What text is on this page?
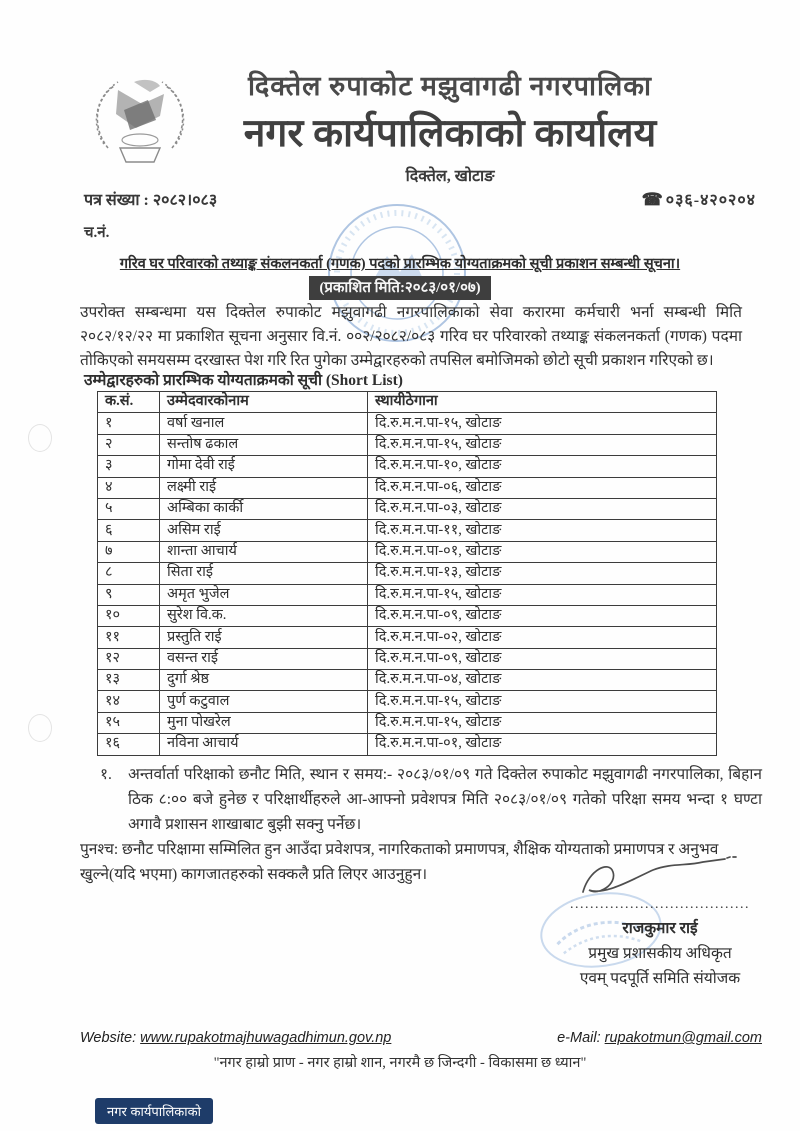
दिक्तेल रुपाकोट मझुवागढी नगरपालिका
नगर कार्यपालिकाको कार्यालय
दिक्तेल, खोटाङ
पत्र संख्या : २०८२।०८३	☎ ०३६-४२०२०४
च.नं.
गरिव घर परिवारको तथ्याङ्क संकलनकर्ता (गणक) पदको प्रारम्भिक योग्यताक्रमको सूची प्रकाशन सम्बन्धी सूचना।
(प्रकाशित मिति:२०८३/०१/०७)

उपरोक्त सम्बन्धमा यस दिक्तेल रुपाकोट मझुवागढी नगरपालिकाको सेवा करारमा कर्मचारी भर्ना सम्बन्धी मिति २०८२/१२/२२ मा प्रकाशित सूचना अनुसार वि.नं. ००२/२०८२/०८३ गरिव घर परिवारको तथ्याङ्क संकलनकर्ता (गणक) पदमा तोकिएको समयसम्म दरखास्त पेश गरि रित पुगेका उम्मेद्वारहरुको तपसिल बमोजिमको छोटो सूची प्रकाशन गरिएको छ।

उम्मेद्वारहरुको प्रारम्भिक योग्यताक्रमको सूची (Short List)
क.सं.	उम्मेदवारकोनाम	स्थायीठेगाना
१	वर्षा खनाल	दि.रु.म.न.पा-१५, खोटाङ
२	सन्तोष ढकाल	दि.रु.म.न.पा-१५, खोटाङ
३	गोमा देवी राई	दि.रु.म.न.पा-१०, खोटाङ
४	लक्ष्मी राई	दि.रु.म.न.पा-०६, खोटाङ
५	अम्बिका कार्की	दि.रु.म.न.पा-०३, खोटाङ
६	असिम राई	दि.रु.म.न.पा-११, खोटाङ
७	शान्ता आचार्य	दि.रु.म.न.पा-०१, खोटाङ
८	सिता राई	दि.रु.म.न.पा-१३, खोटाङ
९	अमृत भुजेल	दि.रु.म.न.पा-१५, खोटाङ
१०	सुरेश वि.क.	दि.रु.म.न.पा-०९, खोटाङ
११	प्रस्तुति राई	दि.रु.म.न.पा-०२, खोटाङ
१२	वसन्त राई	दि.रु.म.न.पा-०९, खोटाङ
१३	दुर्गा श्रेष्ठ	दि.रु.म.न.पा-०४, खोटाङ
१४	पुर्ण कटुवाल	दि.रु.म.न.पा-१५, खोटाङ
१५	मुना पोखरेल	दि.रु.म.न.पा-१५, खोटाङ
१६	नविना आचार्य	दि.रु.म.न.पा-०१, खोटाङ
१.	अन्तर्वार्ता परिक्षाको छनौट मिति, स्थान र समय:- २०८३/०१/०९ गते दिक्तेल रुपाकोट मझुवागढी नगरपालिका, बिहान ठिक ८:०० बजे हुनेछ र परिक्षार्थीहरुले आ-आफ्नो प्रवेशपत्र मिति २०८३/०१/०९ गतेको परिक्षा समय भन्दा १ घण्टा अगावै प्रशासन शाखाबाट बुझी सक्नु पर्नेछ।

पुनश्च: छनौट परिक्षामा सम्मिलित हुन आउँदा प्रवेशपत्र, नागरिकताको प्रमाणपत्र, शैक्षिक योग्यताको प्रमाणपत्र र अनुभव खुल्ने(यदि भएमा) कागजातहरुको सक्कलै प्रति लिएर आउनुहुन।

....................................
राजकुमार राई
प्रमुख प्रशासकीय अधिकृत
एवम् पदपूर्ति समिति संयोजक
Website: www.rupakotmajhuwagadhimun.gov.np	e-Mail: rupakotmun@gmail.com
"नगर हाम्रो प्राण - नगर हाम्रो शान, नगरमै छ जिन्दगी - विकासमा छ ध्यान"
नगर कार्यपालिकाको
